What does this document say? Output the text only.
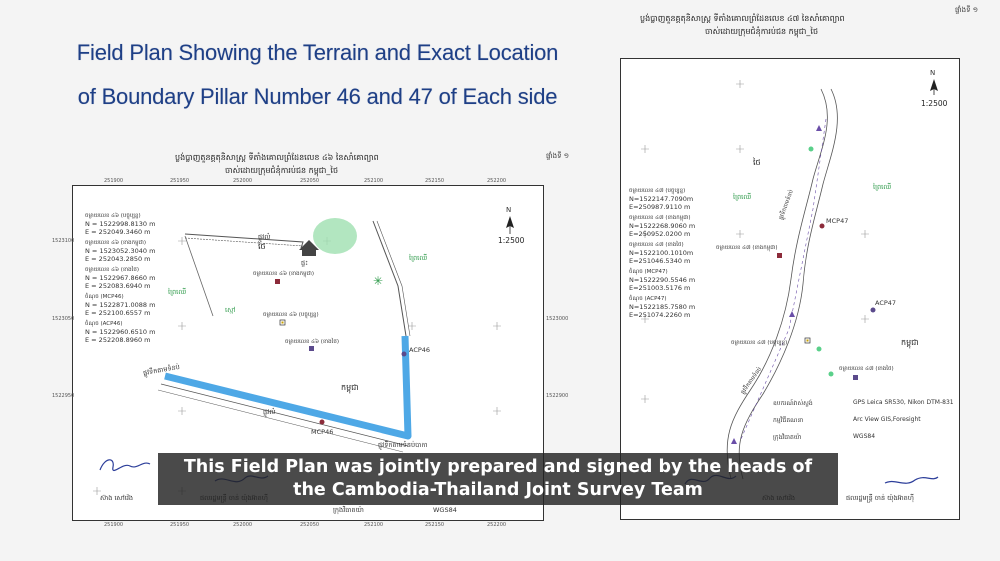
Field Plan Showing the Terrain and Exact Location
of Boundary Pillar Number 46 and 47 of Each side
ប្លង់ប្លាញតួនគ្គតុនិសាស្ត្រ ទីតាំងគោលព្រំដែនលេខ ៤៦ នៃសាំគោព្យាព
ចាស់ដោយក្រុមជំនុំការប់ជន កម្ពុជា_ថៃ
ផ្ទាំងទី ១
✳
N
1:2500
ចម្ងាយលេខ ៤៦ (បច្ចុប្បន្ន)
N = 1522998.8130 m
E = 252049.3460 m
ចម្ងាយលេខ ៤៦ (ខាងកម្ពុជា)
N = 1523052.3040 m
E = 252043.2850 m
ចម្ងាយលេខ ៤៦ (ខាងថៃ)
N = 1522967.8660 m
E = 252083.6940 m
ចំណុច (MCP46)
N = 1522871.0088 m
E = 252100.6557 m
ចំណុច (ACP46)
N = 1522960.6510 m
E = 252208.8960 m
ថៃ
កម្ពុជា
ព្រៃឈើ
ព្រៃឈើ
ស្មៅ
ផ្ទះ
ផ្លូវលំ
ផ្លូវលំ
ផ្លូវទឹកតាមទំនប់
ផ្លូវទឹកតាមទំនប់បាកា
ចម្ងាយលេខ ៤៦ (ខាងកម្ពុជា)
ចម្ងាយលេខ ៤៦ (បច្ចុប្បន្ន)
ចម្ងាយលេខ ៤៦ (ខាងថៃ)
ACP46
MCP46
ក្រុងវិធាតយ៉ា	WGS84
251900	251950	252000	252050	252100	252150	252200
1523100
1523050	1523000
1522950	1522900
251900	251950	252000	252050	252100	252150	252200
ប្លង់ប្លាញតួនគ្គតុនិសាស្ត្រ ទីតាំងគោលព្រំដែនលេខ ៤៧ នៃសាំគោព្យាព
ចាស់ដោយក្រុមជំនុំការប់ជន កម្ពុជា_ថៃ
ផ្ទាំងទី ១
N
1:2500
ចម្ងាយលេខ ៤៧ (បច្ចុប្បន្ន)
N=1522147.7090m
E=250987.9110 m
ចម្ងាយលេខ ៤៧ (ខាងកម្ពុជា)
N=1522268.9060 m
E=250952.0200 m
ចម្ងាយលេខ ៤៧ (ខាងថៃ)
N=1522100.1010m
E=251046.5340 m
ចំណុច (MCP47)
N=1522290.5546 m
E=251003.5176 m
ចំណុច (ACP47)
N=1522185.7580 m
E=251074.2260 m
ថៃ
កម្ពុជា
ព្រៃឈើ
ព្រៃឈើ
MCP47
ACP47
ចម្ងាយលេខ ៤៧ (ខាងកម្ពុជា)
ចម្ងាយលេខ ៤៧ (បច្ចុប្បន្ន)
ចម្ងាយលេខ ៤៧ (ខាងថៃ)
ផ្លូវទឹកតាមទំនប់
ផ្លូវទឹកតាមទំនប់
ឧបករណ៍វាស់ស្ទង់	GPS Leica SR530, Nikon DTM-831
កម្មវិធីគណនា	Arc View GIS,Foresight
ក្រុងវិធាតយ៉ា	WGS84
ស៊ាង សៅវ៉េង	ផលរដ្ឋមន្ត្រី ចាន់ យ៉ុងអ៊ាតហ៊ី
This Field Plan was jointly prepared and signed by the heads of
the Cambodia-Thailand Joint Survey Team
